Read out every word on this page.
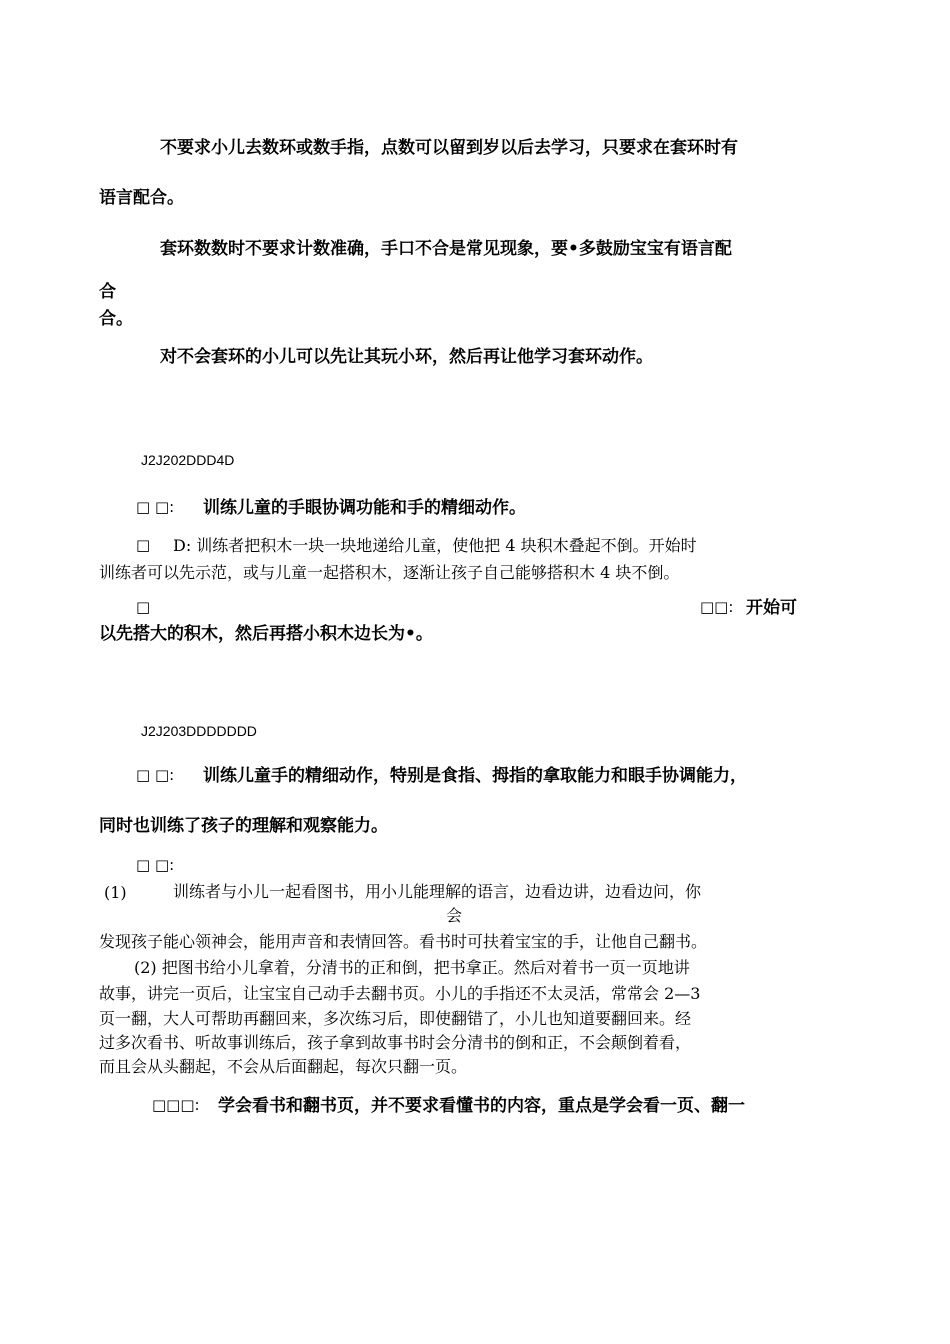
不要求小儿去数环或数手指，点数可以留到岁以后去学习，只要求在套环时有

语言配合。

套环数数时不要求计数准确，手口不合是常见现象，要•多鼓励宝宝有语言配

合

合。

对不会套环的小儿可以先让其玩小环，然后再让他学习套环动作。

J2J202DDD4D

□ □: 训练儿童的手眼协调功能和手的精细动作。

□ D: 训练者把积木一块一块地递给儿童，使他把 4 块积木叠起不倒。开始时

训练者可以先示范，或与儿童一起搭积木，逐渐让孩子自己能够搭积木 4 块不倒。

□	□□: 开始可

以先搭大的积木，然后再搭小积木边长为•。

J2J203DDDDDDD

□ □: 训练儿童手的精细动作，特别是食指、拇指的拿取能力和眼手协调能力，

同时也训练了孩子的理解和观察能力。

□ □:

(1)	训练者与小儿一起看图书，用小儿能理解的语言，边看边讲，边看边问，你

会

发现孩子能心领神会，能用声音和表情回答。看书时可扶着宝宝的手，让他自己翻书。

(2) 把图书给小儿拿着，分清书的正和倒，把书拿正。然后对着书一页一页地讲

故事，讲完一页后，让宝宝自己动手去翻书页。小儿的手指还不太灵活，常常会 2—3

页一翻，大人可帮助再翻回来，多次练习后，即使翻错了，小儿也知道要翻回来。经

过多次看书、听故事训练后，孩子拿到故事书时会分清书的倒和正，不会颠倒着看，

而且会从头翻起，不会从后面翻起，每次只翻一页。

□□□: 学会看书和翻书页，并不要求看懂书的内容，重点是学会看一页、翻一
